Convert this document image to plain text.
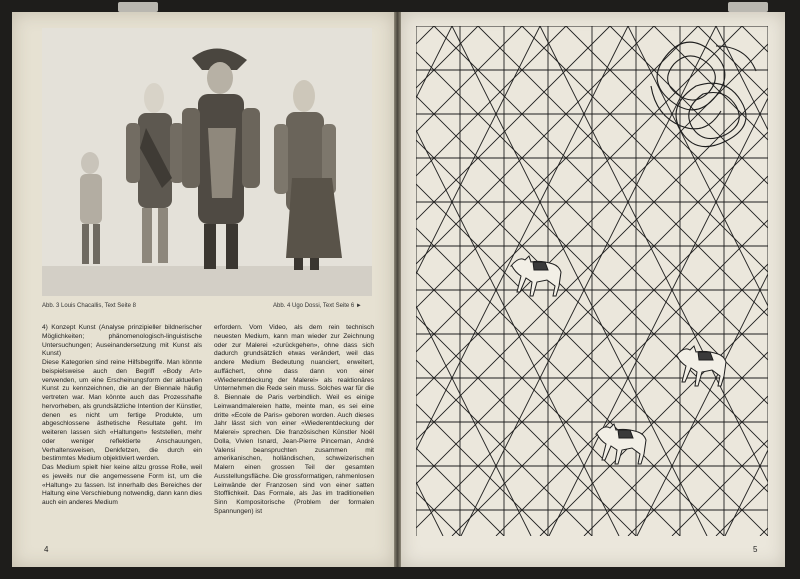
Abb. 3 Louis Chacallis, Text Seite 8	Abb. 4 Ugo Dossi, Text Seite 6 ►

4) Konzept Kunst (Analyse prinzipieller bildnerischer Möglichkeiten; phänomenologisch-linguistische Untersuchungen; Auseinandersetzung mit Kunst als Kunst)

Diese Kategorien sind reine Hilfsbegriffe. Man könnte beispielsweise auch den Begriff «Body Art» verwenden, um eine Erscheinungsform der aktuellen Kunst zu kennzeichnen, die an der Biennale häufig vertreten war. Man könnte auch das Prozesshafte hervorheben, als grundsätzliche Intention der Künstler, denen es nicht um fertige Produkte, um abgeschlossene ästhetische Resultate geht. Im weiteren lassen sich «Haltungen» feststellen, mehr oder weniger reflektierte Anschauungen, Verhaltensweisen, Denkfetzen, die durch ein bestimmtes Medium objektiviert werden.

Das Medium spielt hier keine allzu grosse Rolle, weil es jeweils nur die angemessene Form ist, um die «Haltung» zu fassen. Ist innerhalb des Bereiches der Haltung eine Verschiebung notwendig, dann kann dies auch ein anderes Medium

erfordern. Vom Video, als dem rein technisch neuesten Medium, kann man wieder zur Zeichnung oder zur Malerei «zurückgehen», ohne dass sich dadurch grundsätzlich etwas verändert, weil das andere Medium Bedeutung nuanciert, erweitert, auffächert, ohne dass dann von einer «Wiederentdeckung der Malerei» als reaktionäres Unternehmen die Rede sein muss. Solches war für die 8. Biennale de Paris verbindlich. Weil es einige Leinwandmalereien hatte, meinte man, es sei eine dritte «Ecole de Paris» geboren worden. Auch dieses Jahr lässt sich von einer «Wiederentdeckung der Malerei» sprechen. Die französischen Künstler Noël Dolla, Vivien Isnard, Jean-Pierre Pinceman, André Valensi beanspruchten zusammen mit amerikanischen, holländischen, schweizerischen Malern einen grossen Teil der gesamten Ausstellungsfläche. Die grossformatigen, rahmenlosen Leinwände der Franzosen sind von einer satten Stofflichkeit. Das Formale, als Jas im traditionellen Sinn Kompositorische (Problem der formalen Spannungen) ist

4	5
